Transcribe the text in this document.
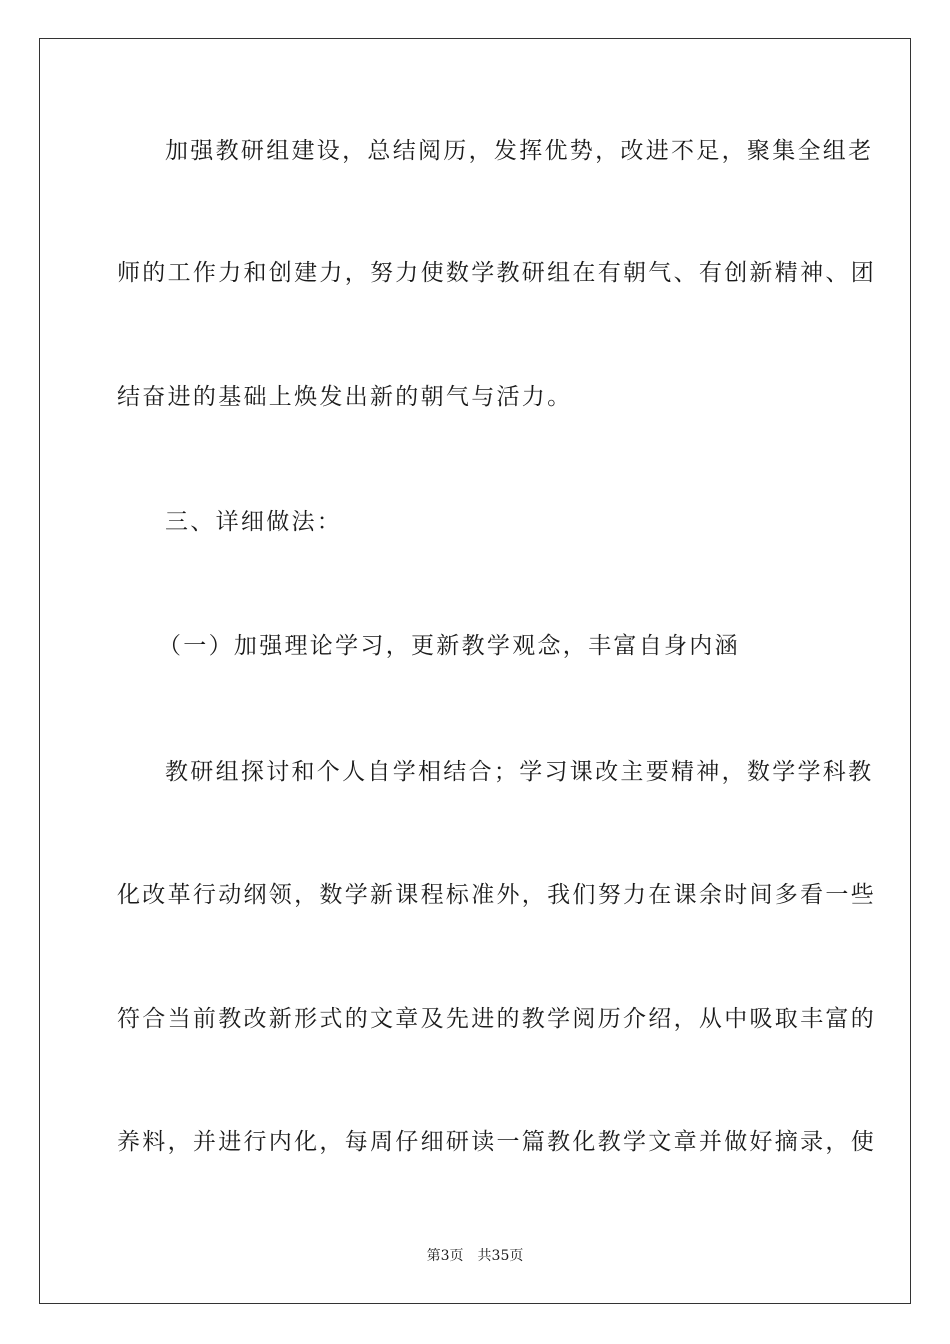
加强教研组建设，总结阅历，发挥优势，改进不足，聚集全组老
师的工作力和创建力，努力使数学教研组在有朝气、有创新精神、团
结奋进的基础上焕发出新的朝气与活力。
三、详细做法：
（一）加强理论学习，更新教学观念，丰富自身内涵
教研组探讨和个人自学相结合；学习课改主要精神，数学学科教
化改革行动纲领，数学新课程标准外，我们努力在课余时间多看一些
符合当前教改新形式的文章及先进的教学阅历介绍，从中吸取丰富的
养料，并进行内化，每周仔细研读一篇教化教学文章并做好摘录，使
第3页 共35页
